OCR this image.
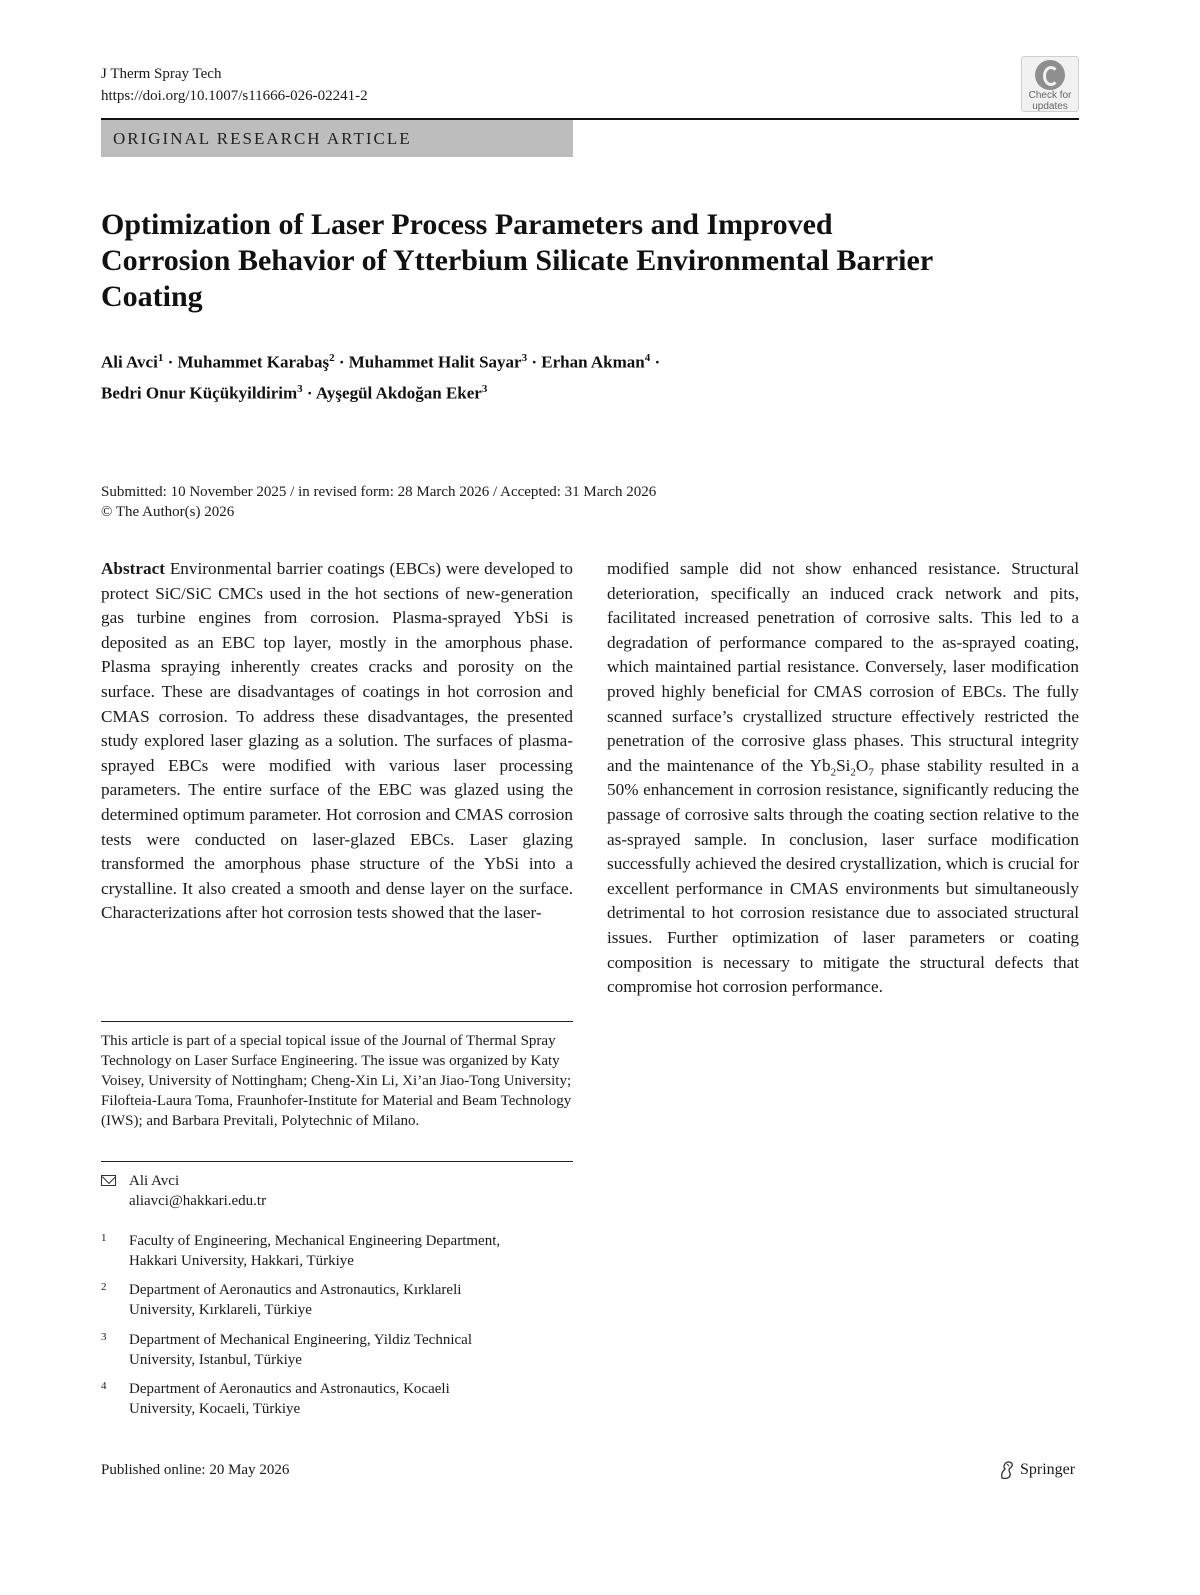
J Therm Spray Tech
https://doi.org/10.1007/s11666-026-02241-2	Check for
updates
ORIGINAL RESEARCH ARTICLE
Optimization of Laser Process Parameters and Improved
Corrosion Behavior of Ytterbium Silicate Environmental Barrier
Coating
Ali Avci$^1$ · Muhammet Karabaş$^2$ · Muhammet Halit Sayar$^3$ · Erhan Akman$^4$ ·
Bedri Onur Küçükyildirim$^3$ · Ayşegül Akdoğan Eker$^3$
Submitted: 10 November 2025 / in revised form: 28 March 2026 / Accepted: 31 March 2026
© The Author(s) 2026
Abstract Environmental barrier coatings (EBCs) were developed to protect SiC/SiC CMCs used in the hot sections of new-generation gas turbine engines from corrosion. Plasma-sprayed YbSi is deposited as an EBC top layer, mostly in the amorphous phase. Plasma spraying inherently creates cracks and porosity on the surface. These are disadvantages of coatings in hot corrosion and CMAS corrosion. To address these disadvantages, the presented study explored laser glazing as a solution. The surfaces of plasma-sprayed EBCs were modified with various laser processing parameters. The entire surface of the EBC was glazed using the determined optimum parameter. Hot corrosion and CMAS corrosion tests were conducted on laser-glazed EBCs. Laser glazing transformed the amorphous phase structure of the YbSi into a crystalline. It also created a smooth and dense layer on the surface. Characterizations after hot corrosion tests showed that the laser-
modified sample did not show enhanced resistance. Structural deterioration, specifically an induced crack network and pits, facilitated increased penetration of corrosive salts. This led to a degradation of performance compared to the as-sprayed coating, which maintained partial resistance. Conversely, laser modification proved highly beneficial for CMAS corrosion of EBCs. The fully scanned surface’s crystallized structure effectively restricted the penetration of the corrosive glass phases. This structural integrity and the maintenance of the $Yb_2Si_2O_7$ phase stability resulted in a 50% enhancement in corrosion resistance, significantly reducing the passage of corrosive salts through the coating section relative to the as-sprayed sample. In conclusion, laser surface modification successfully achieved the desired crystallization, which is crucial for excellent performance in CMAS environments but simultaneously detrimental to hot corrosion resistance due to associated structural issues. Further optimization of laser parameters or coating composition is necessary to mitigate the structural defects that compromise hot corrosion performance.
This article is part of a special topical issue of the Journal of Thermal Spray Technology on Laser Surface Engineering. The issue was organized by Katy Voisey, University of Nottingham; Cheng-Xin Li, Xi’an Jiao-Tong University; Filofteia-Laura Toma, Fraunhofer-Institute for Material and Beam Technology (IWS); and Barbara Previtali, Polytechnic of Milano.
Ali Avci
aliavci@hakkari.edu.tr
1 Faculty of Engineering, Mechanical Engineering Department,
Hakkari University, Hakkari, Türkiye
2 Department of Aeronautics and Astronautics, Kırklareli
University, Kırklareli, Türkiye
3 Department of Mechanical Engineering, Yildiz Technical
University, Istanbul, Türkiye
4 Department of Aeronautics and Astronautics, Kocaeli
University, Kocaeli, Türkiye
Published online: 20 May 2026	Springer
